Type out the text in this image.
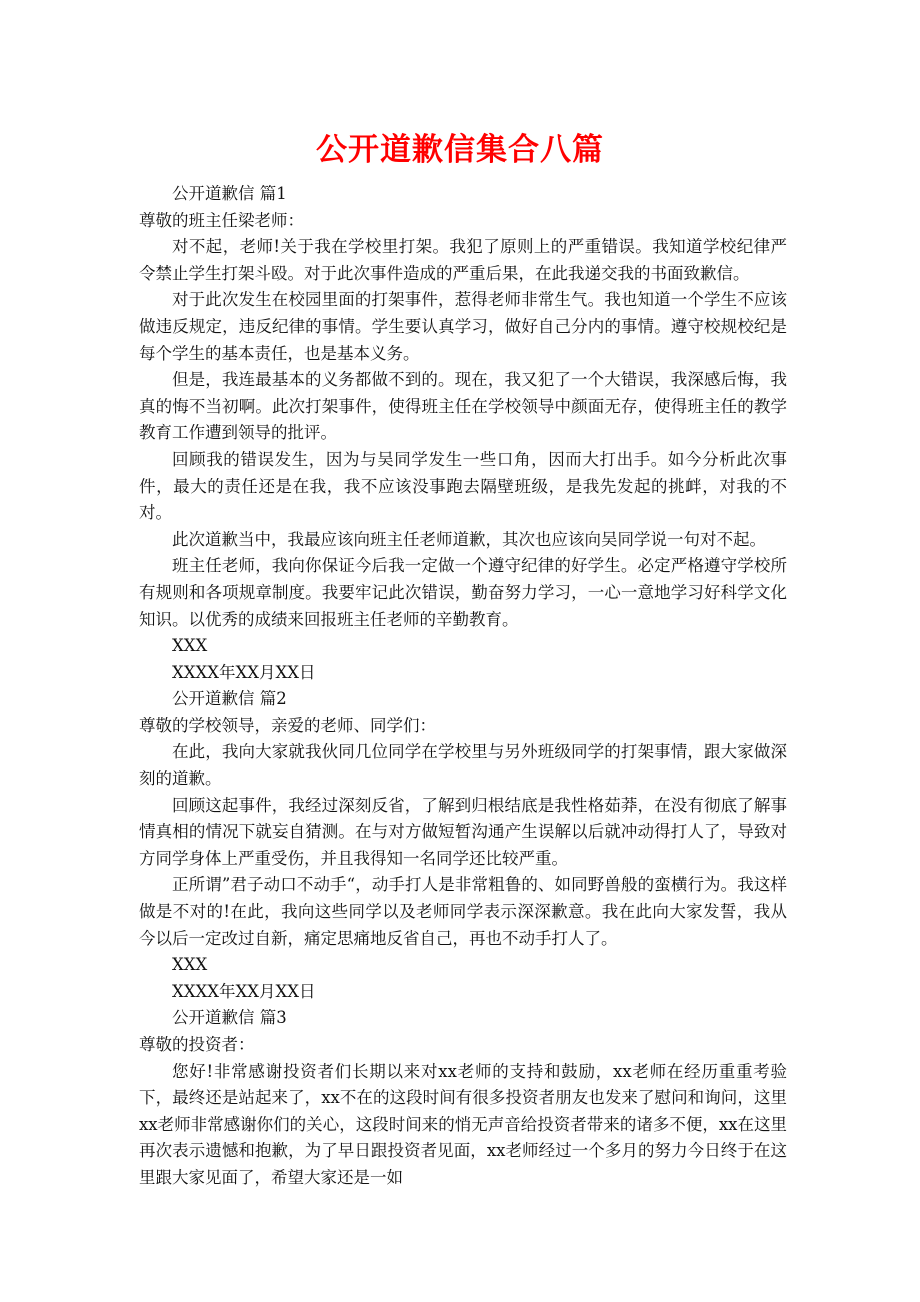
公开道歉信集合八篇

公开道歉信 篇1

尊敬的班主任梁老师：

对不起，老师!关于我在学校里打架。我犯了原则上的严重错误。我知道学校纪律严令禁止学生打架斗殴。对于此次事件造成的严重后果，在此我递交我的书面致歉信。

对于此次发生在校园里面的打架事件，惹得老师非常生气。我也知道一个学生不应该做违反规定，违反纪律的事情。学生要认真学习，做好自己分内的事情。遵守校规校纪是每个学生的基本责任，也是基本义务。

但是，我连最基本的义务都做不到的。现在，我又犯了一个大错误，我深感后悔，我真的悔不当初啊。此次打架事件，使得班主任在学校领导中颜面无存，使得班主任的教学教育工作遭到领导的批评。

回顾我的错误发生，因为与吴同学发生一些口角，因而大打出手。如今分析此次事件，最大的责任还是在我，我不应该没事跑去隔壁班级，是我先发起的挑衅，对我的不对。

此次道歉当中，我最应该向班主任老师道歉，其次也应该向吴同学说一句对不起。

班主任老师，我向你保证今后我一定做一个遵守纪律的好学生。必定严格遵守学校所有规则和各项规章制度。我要牢记此次错误，勤奋努力学习，一心一意地学习好科学文化知识。以优秀的成绩来回报班主任老师的辛勤教育。

XXX

XXXX年XX月XX日

公开道歉信 篇2

尊敬的学校领导，亲爱的老师、同学们：

在此，我向大家就我伙同几位同学在学校里与另外班级同学的打架事情，跟大家做深刻的道歉。

回顾这起事件，我经过深刻反省，了解到归根结底是我性格茹莽，在没有彻底了解事情真相的情况下就妄自猜测。在与对方做短暂沟通产生误解以后就冲动得打人了，导致对方同学身体上严重受伤，并且我得知一名同学还比较严重。

正所谓”君子动口不动手“，动手打人是非常粗鲁的、如同野兽般的蛮横行为。我这样做是不对的!在此，我向这些同学以及老师同学表示深深歉意。我在此向大家发誓，我从今以后一定改过自新，痛定思痛地反省自己，再也不动手打人了。

XXX

XXXX年XX月XX日

公开道歉信 篇3

尊敬的投资者：

您好!非常感谢投资者们长期以来对xx老师的支持和鼓励，xx老师在经历重重考验下，最终还是站起来了，xx不在的这段时间有很多投资者朋友也发来了慰问和询问，这里xx老师非常感谢你们的关心，这段时间来的悄无声音给投资者带来的诸多不便，xx在这里再次表示遗憾和抱歉，为了早日跟投资者见面，xx老师经过一个多月的努力今日终于在这里跟大家见面了，希望大家还是一如
